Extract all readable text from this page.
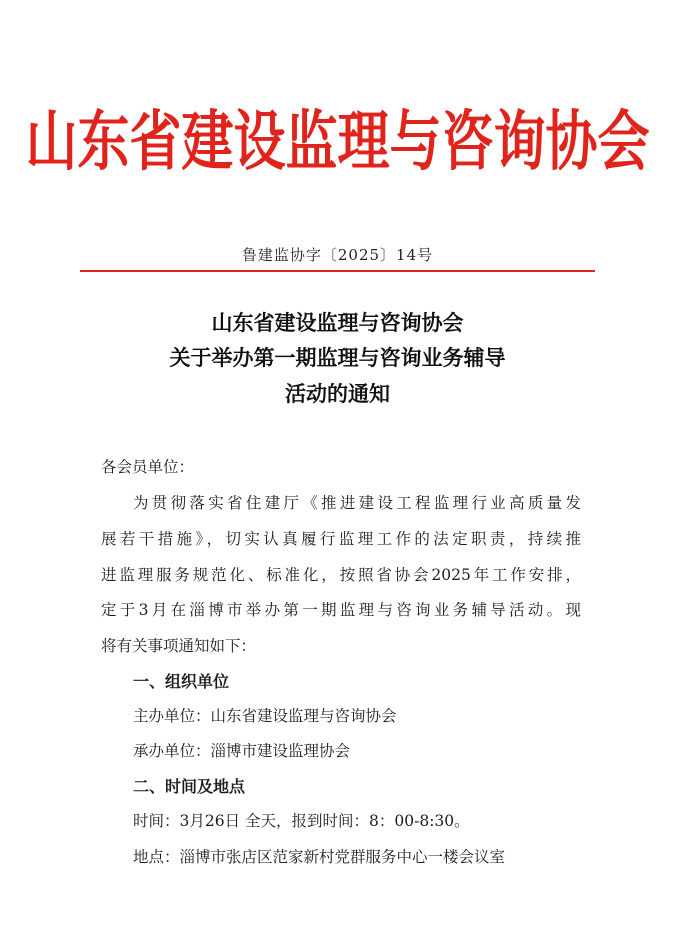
山东省建设监理与咨询协会
鲁建监协字〔2025〕14号
山东省建设监理与咨询协会
关于举办第一期监理与咨询业务辅导
活动的通知
各会员单位：
为贯彻落实省住建厅《推进建设工程监理行业高质量发
展若干措施》，切实认真履行监理工作的法定职责，持续推
进监理服务规范化、标准化，按照省协会2025年工作安排，
定于3月在淄博市举办第一期监理与咨询业务辅导活动。现
将有关事项通知如下：
一、组织单位
主办单位：山东省建设监理与咨询协会
承办单位：淄博市建设监理协会
二、时间及地点
时间：3月26日 全天，报到时间：8：00-8:30。
地点：淄博市张店区范家新村党群服务中心一楼会议室
